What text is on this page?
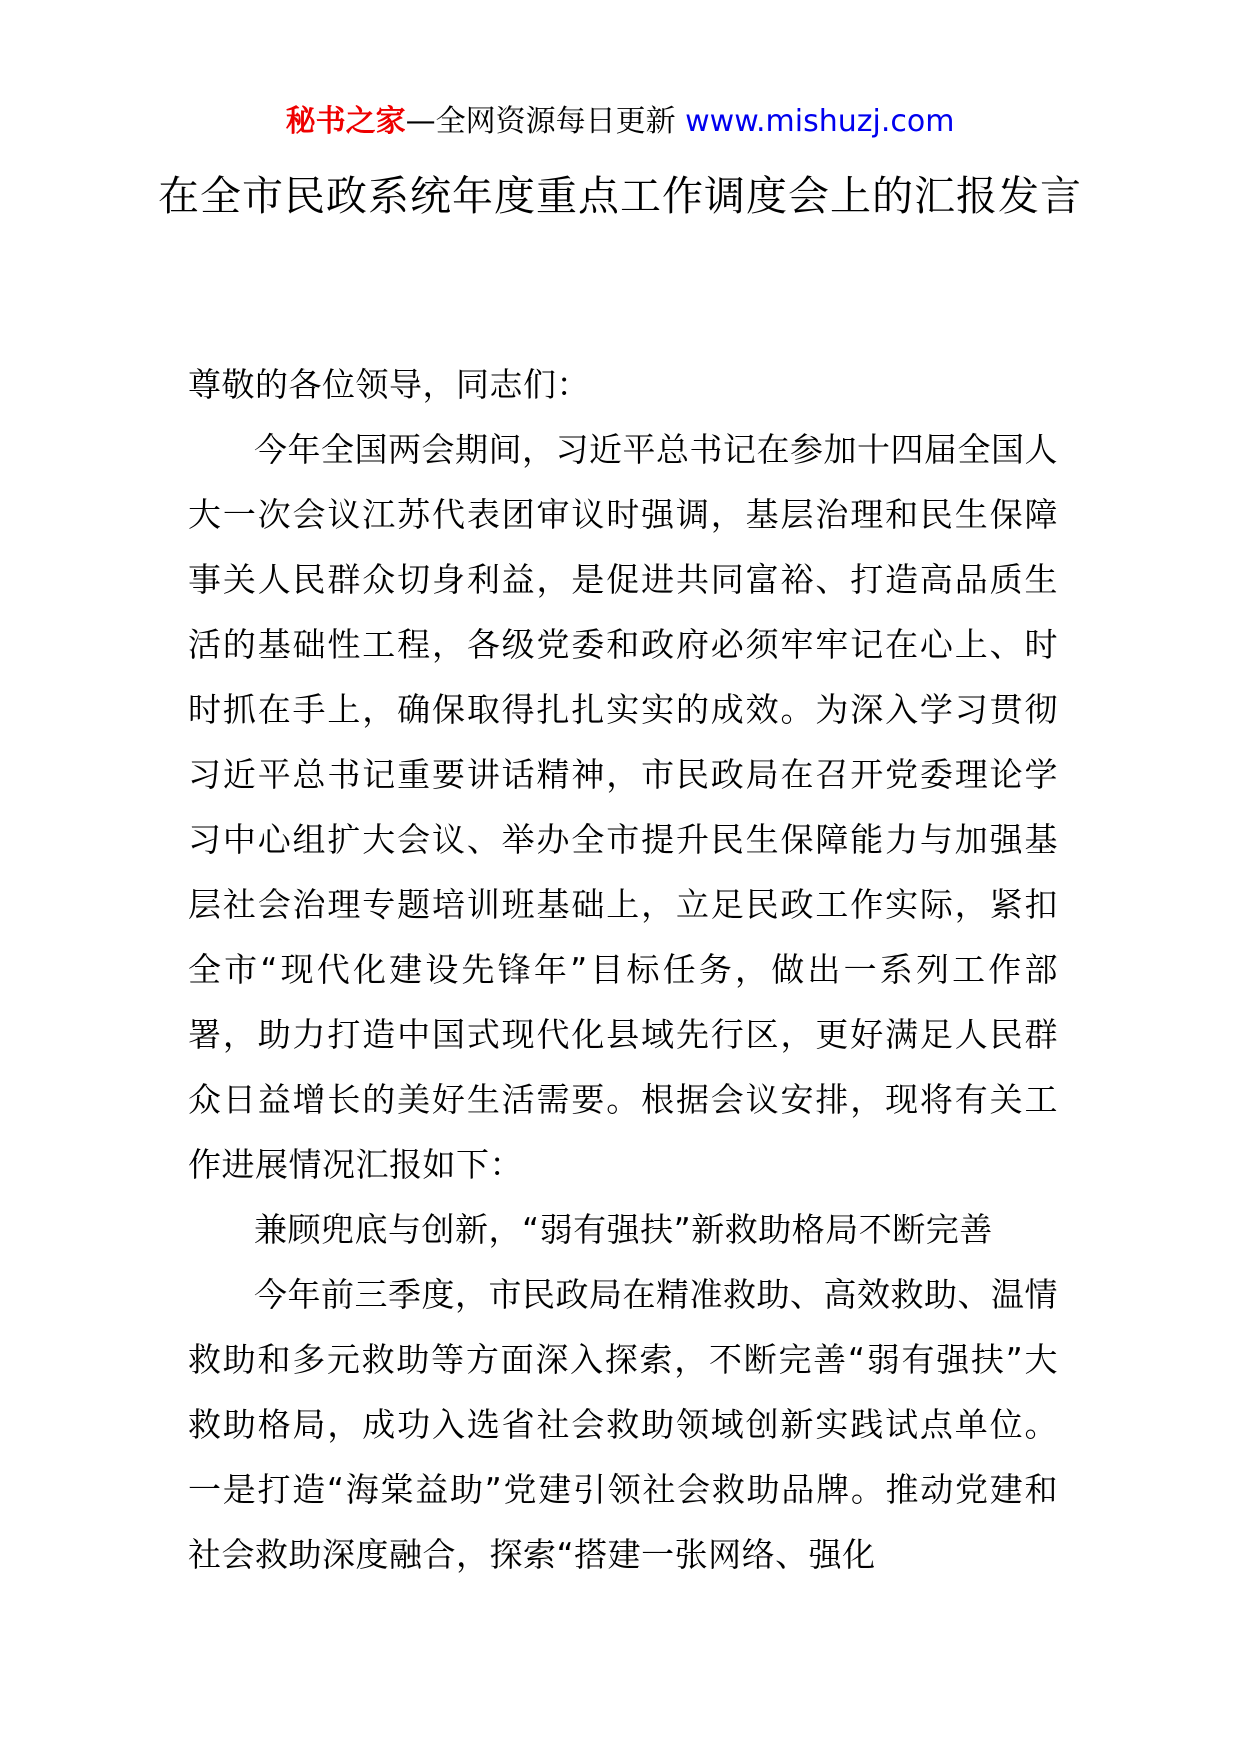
秘书之家—全网资源每日更新 www.mishuzj.com
在全市民政系统年度重点工作调度会上的汇报发言

尊敬的各位领导，同志们：

今年全国两会期间，习近平总书记在参加十四届全国人大一次会议江苏代表团审议时强调，基层治理和民生保障事关人民群众切身利益，是促进共同富裕、打造高品质生活的基础性工程，各级党委和政府必须牢牢记在心上、时时抓在手上，确保取得扎扎实实的成效。为深入学习贯彻习近平总书记重要讲话精神，市民政局在召开党委理论学习中心组扩大会议、举办全市提升民生保障能力与加强基层社会治理专题培训班基础上，立足民政工作实际，紧扣全市“现代化建设先锋年”目标任务，做出一系列工作部署，助力打造中国式现代化县域先行区，更好满足人民群众日益增长的美好生活需要。根据会议安排，现将有关工作进展情况汇报如下：

兼顾兜底与创新，“弱有强扶”新救助格局不断完善

今年前三季度，市民政局在精准救助、高效救助、温情救助和多元救助等方面深入探索，不断完善“弱有强扶”大救助格局，成功入选省社会救助领域创新实践试点单位。一是打造“海棠益助”党建引领社会救助品牌。推动党建和社会救助深度融合，探索“搭建一张网络、强化
